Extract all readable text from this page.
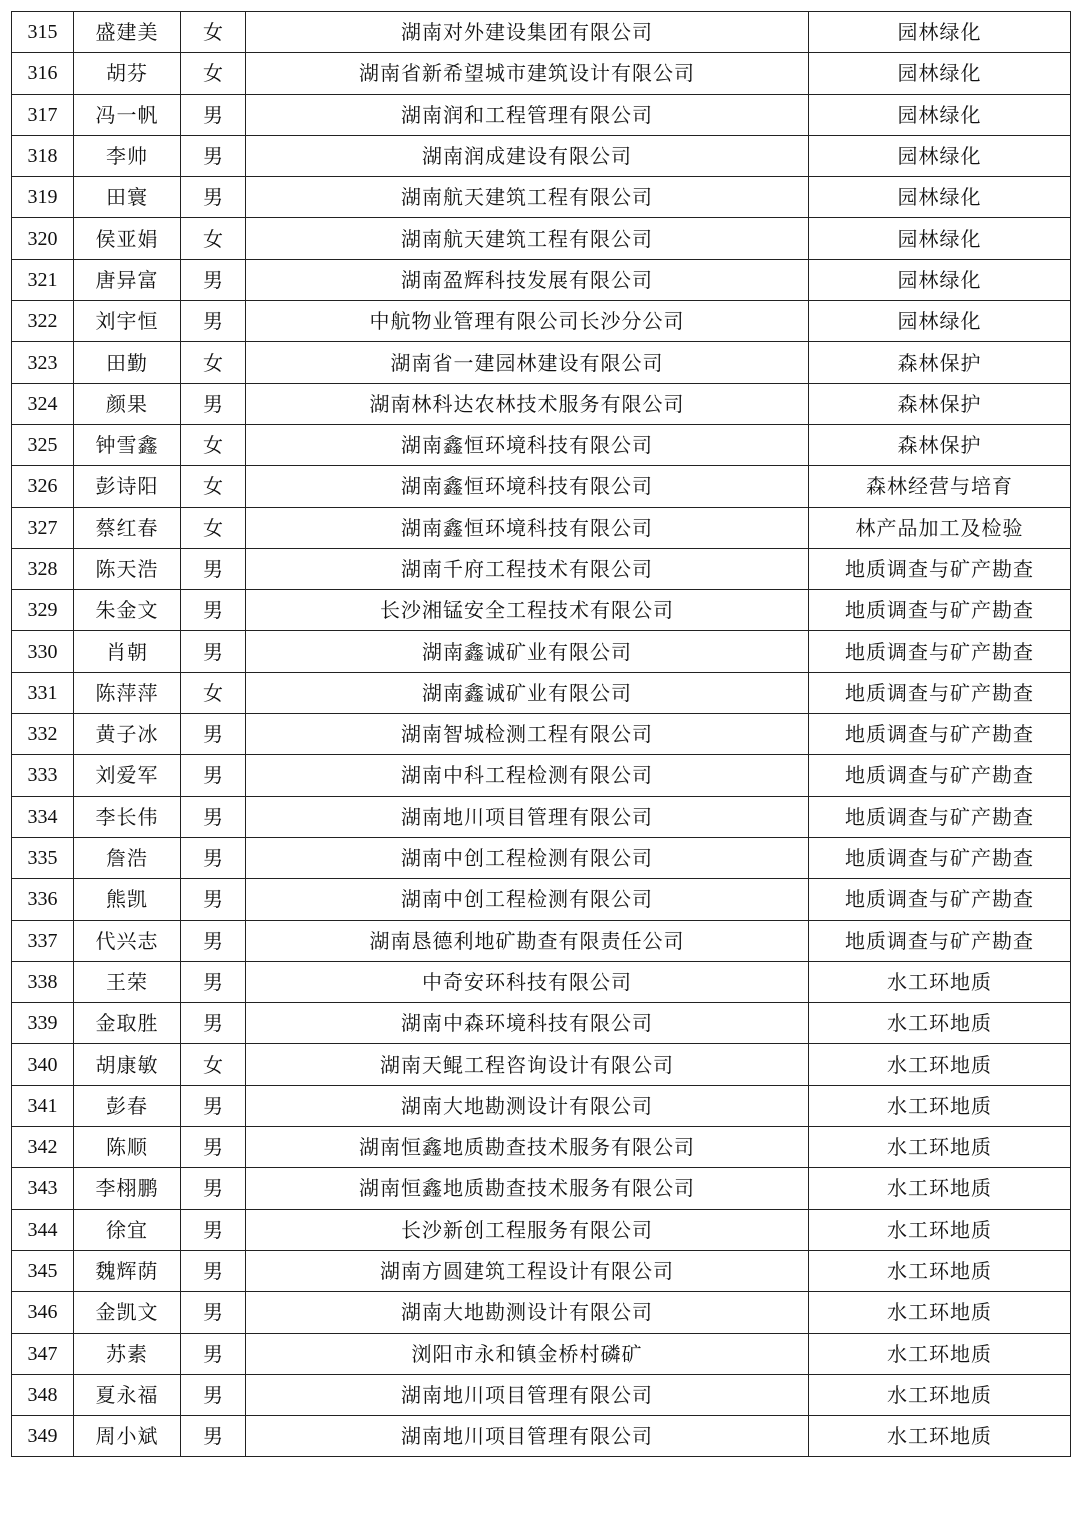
315	盛建美	女	湖南对外建设集团有限公司	园林绿化
316	胡芬	女	湖南省新希望城市建筑设计有限公司	园林绿化
317	冯一帆	男	湖南润和工程管理有限公司	园林绿化
318	李帅	男	湖南润成建设有限公司	园林绿化
319	田寰	男	湖南航天建筑工程有限公司	园林绿化
320	侯亚娟	女	湖南航天建筑工程有限公司	园林绿化
321	唐异富	男	湖南盈辉科技发展有限公司	园林绿化
322	刘宇恒	男	中航物业管理有限公司长沙分公司	园林绿化
323	田勤	女	湖南省一建园林建设有限公司	森林保护
324	颜果	男	湖南林科达农林技术服务有限公司	森林保护
325	钟雪鑫	女	湖南鑫恒环境科技有限公司	森林保护
326	彭诗阳	女	湖南鑫恒环境科技有限公司	森林经营与培育
327	蔡红春	女	湖南鑫恒环境科技有限公司	林产品加工及检验
328	陈天浩	男	湖南千府工程技术有限公司	地质调查与矿产勘查
329	朱金文	男	长沙湘锰安全工程技术有限公司	地质调查与矿产勘查
330	肖朝	男	湖南鑫诚矿业有限公司	地质调查与矿产勘查
331	陈萍萍	女	湖南鑫诚矿业有限公司	地质调查与矿产勘查
332	黄子冰	男	湖南智城检测工程有限公司	地质调查与矿产勘查
333	刘爱军	男	湖南中科工程检测有限公司	地质调查与矿产勘查
334	李长伟	男	湖南地川项目管理有限公司	地质调查与矿产勘查
335	詹浩	男	湖南中创工程检测有限公司	地质调查与矿产勘查
336	熊凯	男	湖南中创工程检测有限公司	地质调查与矿产勘查
337	代兴志	男	湖南恳德利地矿勘查有限责任公司	地质调查与矿产勘查
338	王荣	男	中奇安环科技有限公司	水工环地质
339	金取胜	男	湖南中森环境科技有限公司	水工环地质
340	胡康敏	女	湖南天鲲工程咨询设计有限公司	水工环地质
341	彭春	男	湖南大地勘测设计有限公司	水工环地质
342	陈顺	男	湖南恒鑫地质勘查技术服务有限公司	水工环地质
343	李栩鹏	男	湖南恒鑫地质勘查技术服务有限公司	水工环地质
344	徐宜	男	长沙新创工程服务有限公司	水工环地质
345	魏辉荫	男	湖南方圆建筑工程设计有限公司	水工环地质
346	金凯文	男	湖南大地勘测设计有限公司	水工环地质
347	苏素	男	浏阳市永和镇金桥村磷矿	水工环地质
348	夏永福	男	湖南地川项目管理有限公司	水工环地质
349	周小斌	男	湖南地川项目管理有限公司	水工环地质
